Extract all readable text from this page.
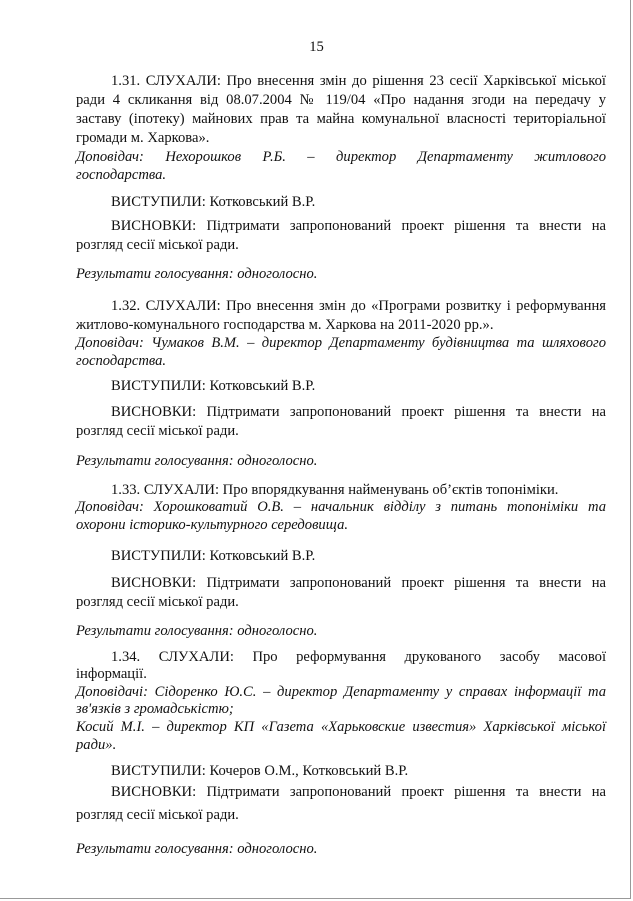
15
1.31. СЛУХАЛИ: Про внесення змін до рішення 23 сесії Харківської міської
ради 4 скликання від 08.07.2004 № 119/04 «Про надання згоди на передачу у
заставу (іпотеку) майнових прав та майна комунальної власності територіальної
громади м. Харкова».
Доповідач: Нехорошков Р.Б. – директор Департаменту житлового
господарства.
ВИСТУПИЛИ: Котковський В.Р.
ВИСНОВКИ: Підтримати запропонований проект рішення та внести на
розгляд сесії міської ради.
Результати голосування: одноголосно.
1.32. СЛУХАЛИ: Про внесення змін до «Програми розвитку і реформування
житлово-комунального господарства м. Харкова на 2011-2020 рр.».
Доповідач: Чумаков В.М. – директор Департаменту будівництва та шляхового
господарства.
ВИСТУПИЛИ: Котковський В.Р.
ВИСНОВКИ: Підтримати запропонований проект рішення та внести на
розгляд сесії міської ради.
Результати голосування: одноголосно.
1.33. СЛУХАЛИ: Про впорядкування найменувань об’єктів топоніміки.
Доповідач: Хорошковатий О.В. – начальник відділу з питань топоніміки та
охорони історико-культурного середовища.
ВИСТУПИЛИ: Котковський В.Р.
ВИСНОВКИ: Підтримати запропонований проект рішення та внести на
розгляд сесії міської ради.
Результати голосування: одноголосно.
1.34. СЛУХАЛИ: Про реформування друкованого засобу масової
інформації.
Доповідачі: Сідоренко Ю.С. – директор Департаменту у справах інформації та
зв'язків з громадськістю;
Косий М.І. – директор КП «Газета «Харьковские известия» Харківської міської
ради».
ВИСТУПИЛИ: Кочеров О.М., Котковський В.Р.
ВИСНОВКИ: Підтримати запропонований проект рішення та внести на
розгляд сесії міської ради.
Результати голосування: одноголосно.
